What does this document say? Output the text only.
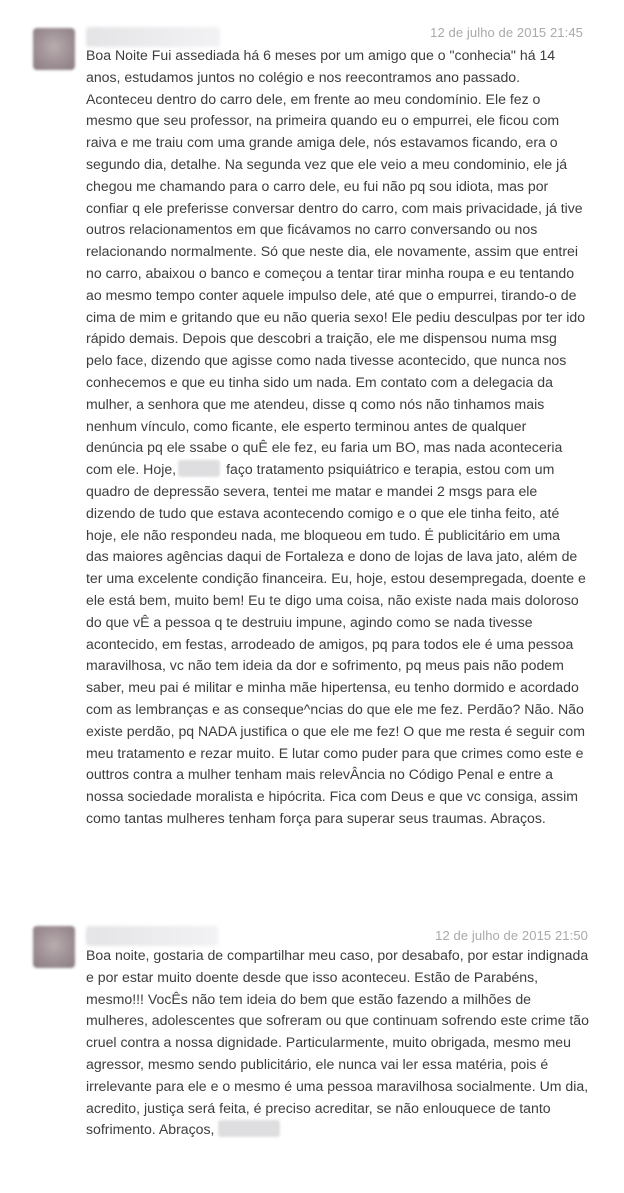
12 de julho de 2015 21:45
Boa Noite Fui assediada há 6 meses por um amigo que o "conhecia" há 14 anos, estudamos juntos no colégio e nos reecontramos ano passado. Aconteceu dentro do carro dele, em frente ao meu condomínio. Ele fez o mesmo que seu professor, na primeira quando eu o empurrei, ele ficou com raiva e me traiu com uma grande amiga dele, nós estavamos ficando, era o segundo dia, detalhe. Na segunda vez que ele veio a meu condominio, ele já chegou me chamando para o carro dele, eu fui não pq sou idiota, mas por confiar q ele preferisse conversar dentro do carro, com mais privacidade, já tive outros relacionamentos em que ficávamos no carro conversando ou nos relacionando normalmente. Só que neste dia, ele novamente, assim que entrei no carro, abaixou o banco e começou a tentar tirar minha roupa e eu tentando ao mesmo tempo conter aquele impulso dele, até que o empurrei, tirando-o de cima de mim e gritando que eu não queria sexo! Ele pediu desculpas por ter ido rápido demais. Depois que descobri a traição, ele me dispensou numa msg pelo face, dizendo que agisse como nada tivesse acontecido, que nunca nos conhecemos e que eu tinha sido um nada. Em contato com a delegacia da mulher, a senhora que me atendeu, disse q como nós não tinhamos mais nenhum vínculo, como ficante, ele esperto terminou antes de qualquer denúncia pq ele ssabe o quÊ ele fez, eu faria um BO, mas nada aconteceria com ele. Hoje,	faço tratamento psiquiátrico e terapia, estou com um quadro de depressão severa, tentei me matar e mandei 2 msgs para ele dizendo de tudo que estava acontecendo comigo e o que ele tinha feito, até hoje, ele não respondeu nada, me bloqueou em tudo. É publicitário em uma das maiores agências daqui de Fortaleza e dono de lojas de lava jato, além de ter uma excelente condição financeira. Eu, hoje, estou desempregada, doente e ele está bem, muito bem! Eu te digo uma coisa, não existe nada mais doloroso do que vÊ a pessoa q te destruiu impune, agindo como se nada tivesse acontecido, em festas, arrodeado de amigos, pq para todos ele é uma pessoa maravilhosa, vc não tem ideia da dor e sofrimento, pq meus pais não podem saber, meu pai é militar e minha mãe hipertensa, eu tenho dormido e acordado com as lembranças e as conseque^ncias do que ele me fez. Perdão? Não. Não existe perdão, pq NADA justifica o que ele me fez! O que me resta é seguir com meu tratamento e rezar muito. E lutar como puder para que crimes como este e outtros contra a mulher tenham mais relevÂncia no Código Penal e entre a nossa sociedade moralista e hipócrita. Fica com Deus e que vc consiga, assim como tantas mulheres tenham força para superar seus traumas. Abraços.
12 de julho de 2015 21:50
Boa noite, gostaria de compartilhar meu caso, por desabafo, por estar indignada e por estar muito doente desde que isso aconteceu. Estão de Parabéns, mesmo!!! VocÊs não tem ideia do bem que estão fazendo a milhões de mulheres, adolescentes que sofreram ou que continuam sofrendo este crime tão cruel contra a nossa dignidade. Particularmente, muito obrigada, mesmo meu agressor, mesmo sendo publicitário, ele nunca vai ler essa matéria, pois é irrelevante para ele e o mesmo é uma pessoa maravilhosa socialmente. Um dia, acredito, justiça será feita, é preciso acreditar, se não enlouquece de tanto sofrimento. Abraços,
